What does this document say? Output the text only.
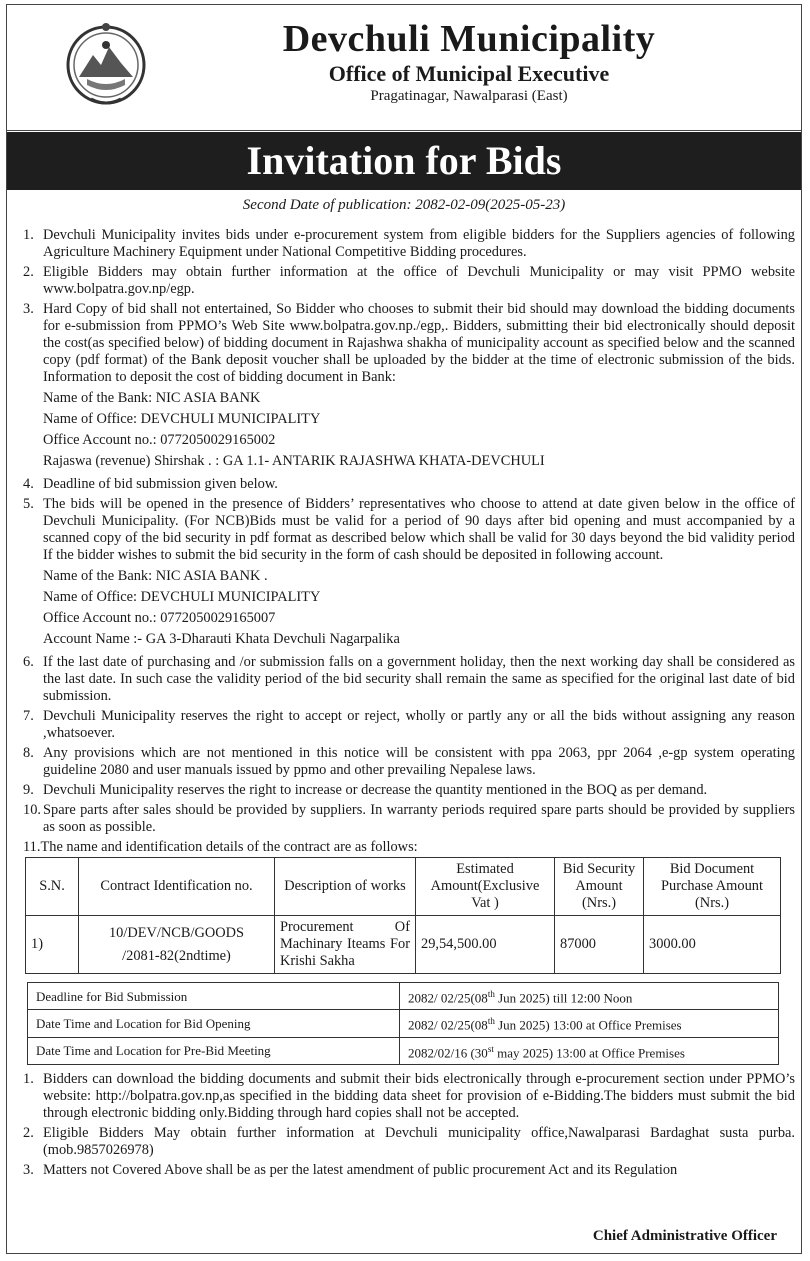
Devchuli Municipality
Office of Municipal Executive
Pragatinagar, Nawalparasi (East)
Invitation for Bids
Second Date of publication: 2082-02-09(2025-05-23)
1. Devchuli Municipality invites bids under e-procurement system from eligible bidders for the Suppliers agencies of following Agriculture Machinery Equipment under National Competitive Bidding procedures.
2. Eligible Bidders may obtain further information at the office of Devchuli Municipality or may visit PPMO website www.bolpatra.gov.np/egp.
3. Hard Copy of bid shall not entertained, So Bidder who chooses to submit their bid should may download the bidding documents for e-submission from PPMO’s Web Site www.bolpatra.gov.np./egp,. Bidders, submitting their bid electronically should deposit the cost(as specified below) of bidding document in Rajashwa shakha of municipality account as specified below and the scanned copy (pdf format) of the Bank deposit voucher shall be uploaded by the bidder at the time of electronic submission of the bids. Information to deposit the cost of bidding document in Bank:
Name of the Bank: NIC ASIA BANK
Name of Office: DEVCHULI MUNICIPALITY
Office Account no.: 0772050029165002
Rajaswa (revenue) Shirshak . : GA 1.1- ANTARIK RAJASHWA KHATA-DEVCHULI
4. Deadline of bid submission given below.
5. The bids will be opened in the presence of Bidders’ representatives who choose to attend at date given below in the office of Devchuli Municipality. (For NCB)Bids must be valid for a period of 90 days after bid opening and must accompanied by a scanned copy of the bid security in pdf format as described below which shall be valid for 30 days beyond the bid validity period If the bidder wishes to submit the bid security in the form of cash should be deposited in following account.
Name of the Bank: NIC ASIA BANK .
Name of Office: DEVCHULI MUNICIPALITY
Office Account no.: 0772050029165007
Account Name :- GA 3-Dharauti Khata Devchuli Nagarpalika
6. If the last date of purchasing and /or submission falls on a government holiday, then the next working day shall be considered as the last date. In such case the validity period of the bid security shall remain the same as specified for the original last date of bid submission.
7. Devchuli Municipality reserves the right to accept or reject, wholly or partly any or all the bids without assigning any reason ,whatsoever.
8. Any provisions which are not mentioned in this notice will be consistent with ppa 2063, ppr 2064 ,e-gp system operating guideline 2080 and user manuals issued by ppmo and other prevailing Nepalese laws.
9. Devchuli Municipality reserves the right to increase or decrease the quantity mentioned in the BOQ as per demand.
10. Spare parts after sales should be provided by suppliers. In warranty periods required spare parts should be provided by suppliers as soon as possible.
11.The name and identification details of the contract are as follows:
S.N.	Contract Identification no.	Description of works	Estimated Amount(Exclusive Vat )	Bid Security Amount (Nrs.)	Bid Document Purchase Amount (Nrs.)
1)	10/DEV/NCB/GOODS
/2081-82(2ndtime)	Procurement Of Machinary Iteams For Krishi Sakha	29,54,500.00	87000	3000.00
Deadline for Bid Submission	2082/ 02/25(08th Jun 2025) till 12:00 Noon
Date Time and Location for Bid Opening	2082/ 02/25(08th Jun 2025) 13:00 at Office Premises
Date Time and Location for Pre-Bid Meeting	2082/02/16 (30st may 2025) 13:00 at Office Premises
1. Bidders can download the bidding documents and submit their bids electronically through e-procurement section under PPMO’s website: http://bolpatra.gov.np,as specified in the bidding data sheet for provision of e-Bidding.The bidders must submit the bid through electronic bidding only.Bidding through hard copies shall not be accepted.
2. Eligible Bidders May obtain further information at Devchuli municipality office,Nawalparasi Bardaghat susta purba.(mob.9857026978)
3. Matters not Covered Above shall be as per the latest amendment of public procurement Act and its Regulation
Chief Administrative Officer
